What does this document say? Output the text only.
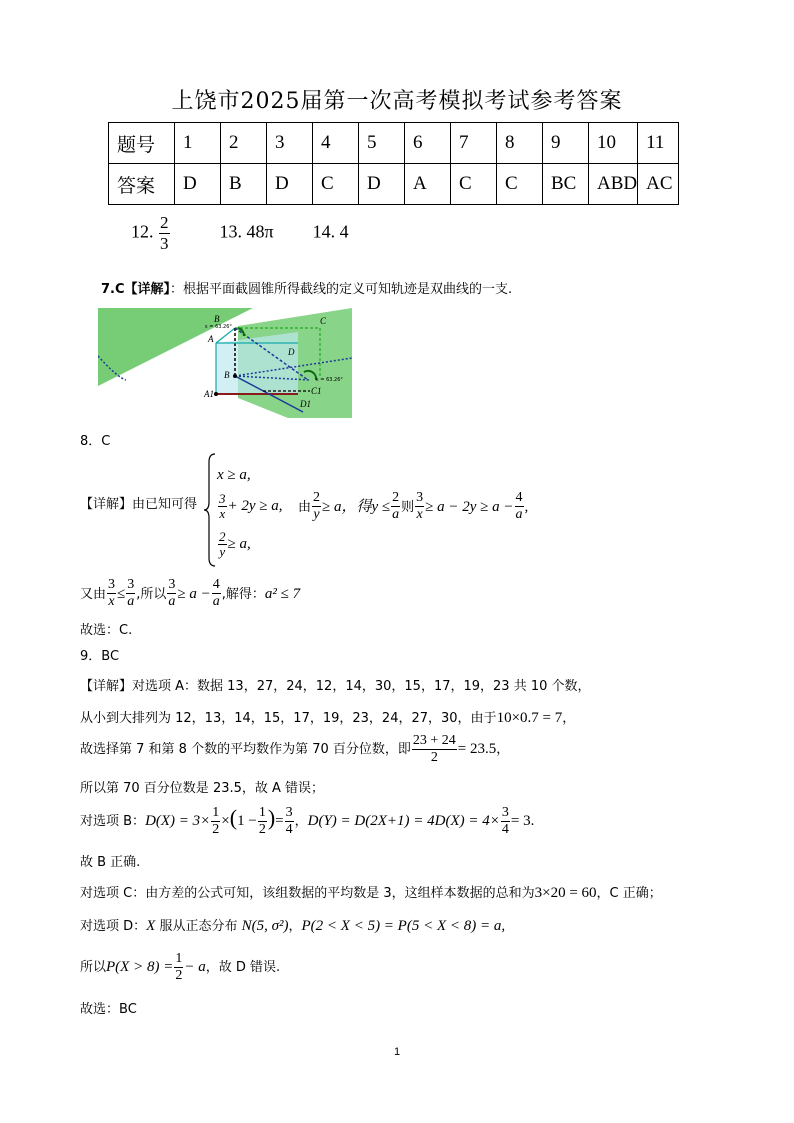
上饶市2025届第一次高考模拟考试参考答案
题号	1	2	3	4	5	6	7	8	9	10	11
答案	D	B	D	C	D	A	C	C	BC	ABD	AC
12. $\frac{2}{3}$	13. 48π 14. 4
7.C【详解】：根据平面截圆锥所得截线的定义可知轨迹是双曲线的一支.
B	C
A
D
B
C1
A1
D1
ε = 63.26°
ε = 63.26°
8．C
【详解】由已知可得
x ≥ a,
$\frac{3}{x} + 2y \ge a$,
$\frac{2}{y} \ge a$,
由 $\frac{2}{y} \ge a$，得$y \le \frac{2}{a}$ 则 $\frac{3}{x} \ge a - 2y \ge a - \frac{4}{a}$ ,
又由 $\frac{3}{x} \le \frac{3}{a}$ ,所以 $\frac{3}{a} \ge a - \frac{4}{a}$ ,解得：a² ≤ 7
故选：C.
9．BC
【详解】对选项 A：数据 13，27，24，12，14，30，15，17，19，23 共 10 个数，
从小到大排列为 12，13，14，15，17，19，23，24，27，30，由于10×0.7 = 7，
故选择第 7 和第 8 个数的平均数作为第 70 百分位数，即 $\frac{23 + 24}{2} = 23.5$，
所以第 70 百分位数是 23.5，故 A 错误；
对选项 B：$D(X) = 3\times \frac{1}{2} \times(1 - \frac{1}{2}$ )= $\frac{3}{4}$ ，$D(Y) = D(2X+1) = 4D(X) = 4\times \frac{3}{4} = 3$.
故 B 正确.
对选项 C：由方差的公式可知，该组数据的平均数是 3，这组样本数据的总和为3×20 = 60，C 正确；
对选项 D：X 服从正态分布 N(5, σ²)，P(2 < X < 5) = P(5 < X < 8) = a,
所以$P(X > 8) = \frac{1}{2} - a$，故 D 错误.
故选：BC
1
